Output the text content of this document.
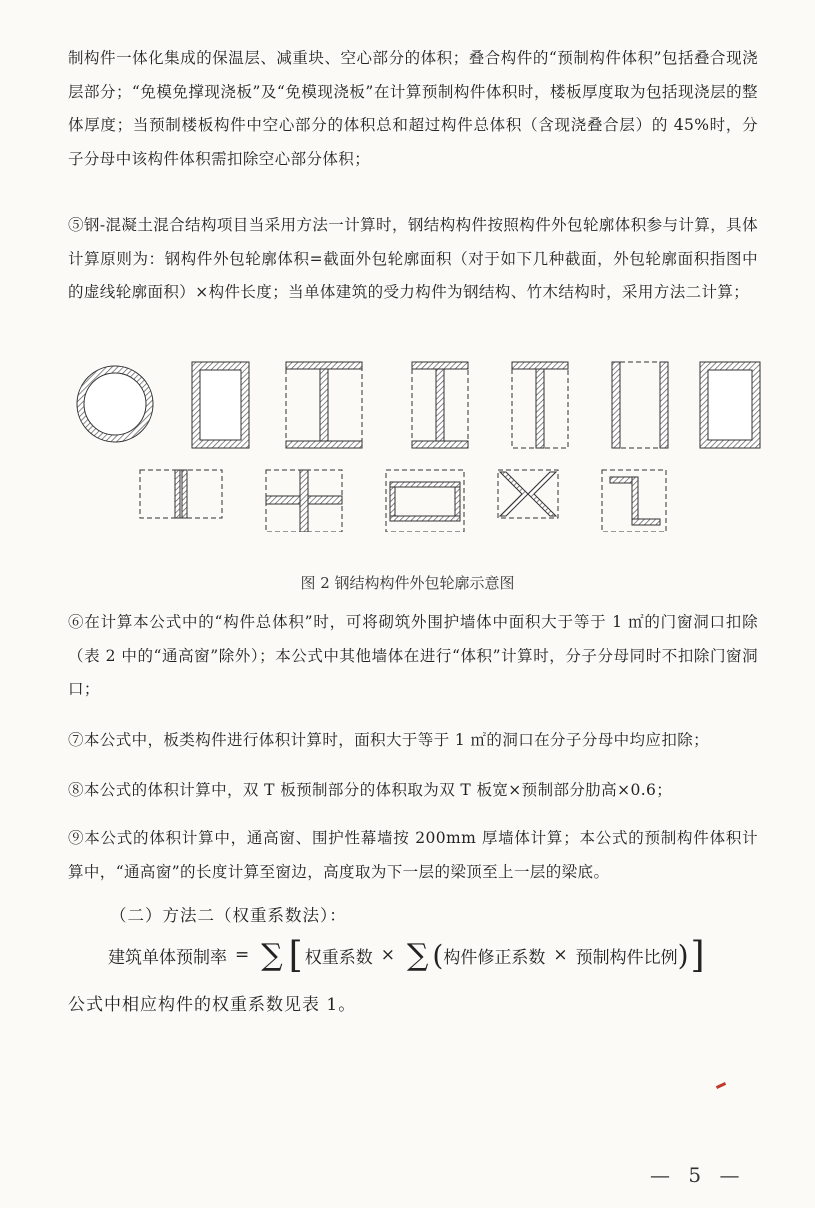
制构件一体化集成的保温层、减重块、空心部分的体积；叠合构件的“预制构件体积”包括叠合现浇层部分；“免模免撑现浇板”及“免模现浇板”在计算预制构件体积时，楼板厚度取为包括现浇层的整体厚度；当预制楼板构件中空心部分的体积总和超过构件总体积（含现浇叠合层）的 45%时，分子分母中该构件体积需扣除空心部分体积；
⑤钢-混凝土混合结构项目当采用方法一计算时，钢结构构件按照构件外包轮廓体积参与计算，具体计算原则为：钢构件外包轮廓体积=截面外包轮廓面积（对于如下几种截面，外包轮廓面积指图中的虚线轮廓面积）×构件长度；当单体建筑的受力构件为钢结构、竹木结构时，采用方法二计算；
图 2 钢结构构件外包轮廓示意图
⑥在计算本公式中的“构件总体积”时，可将砌筑外围护墙体中面积大于等于 1 ㎡的门窗洞口扣除（表 2 中的“通高窗”除外）；本公式中其他墙体在进行“体积”计算时，分子分母同时不扣除门窗洞口；
⑦本公式中，板类构件进行体积计算时，面积大于等于 1 ㎡的洞口在分子分母中均应扣除；
⑧本公式的体积计算中，双 T 板预制部分的体积取为双 T 板宽×预制部分肋高×0.6；
⑨本公式的体积计算中，通高窗、围护性幕墙按 200mm 厚墙体计算；本公式的预制构件体积计算中，“通高窗”的长度计算至窗边，高度取为下一层的梁顶至上一层的梁底。
（二）方法二（权重系数法）：
建筑单体预制率 = ∑ [ 权重系数 × ∑ ( 构件修正系数 × 预制构件比例 ) ]
公式中相应构件的权重系数见表 1。
— 5 —
